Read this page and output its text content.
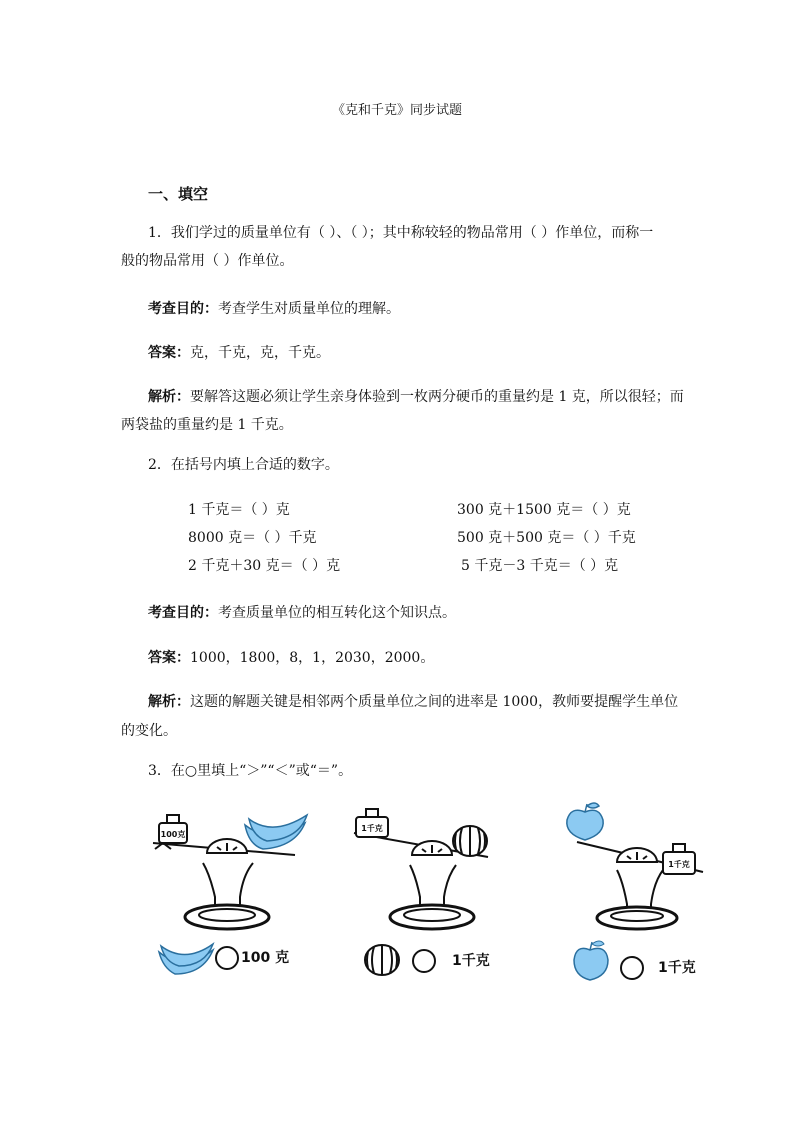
《克和千克》同步试题
一、填空
1．我们学过的质量单位有（ ）、（ ）；其中称较轻的物品常用（ ）作单位，而称一
般的物品常用（ ）作单位。
考查目的：考查学生对质量单位的理解。
答案：克，千克，克，千克。
解析：要解答这题必须让学生亲身体验到一枚两分硬币的重量约是 1 克，所以很轻；而
两袋盐的重量约是 1 千克。
2．在括号内填上合适的数字。
1 千克＝（ ）克	300 克＋1500 克＝（ ）克
8000 克＝（ ）千克	500 克＋500 克＝（ ）千克
2 千克＋30 克＝（ ）克	5 千克－3 千克＝（ ）克
考查目的：考查质量单位的相互转化这个知识点。
答案：1000，1800，8，1，2030，2000。
解析：这题的解题关键是相邻两个质量单位之间的进率是 1000，教师要提醒学生单位
的变化。
3．在○里填上“＞”“＜”或“＝”。
100克
1千克
1千克
100 克	1千克	1千克
